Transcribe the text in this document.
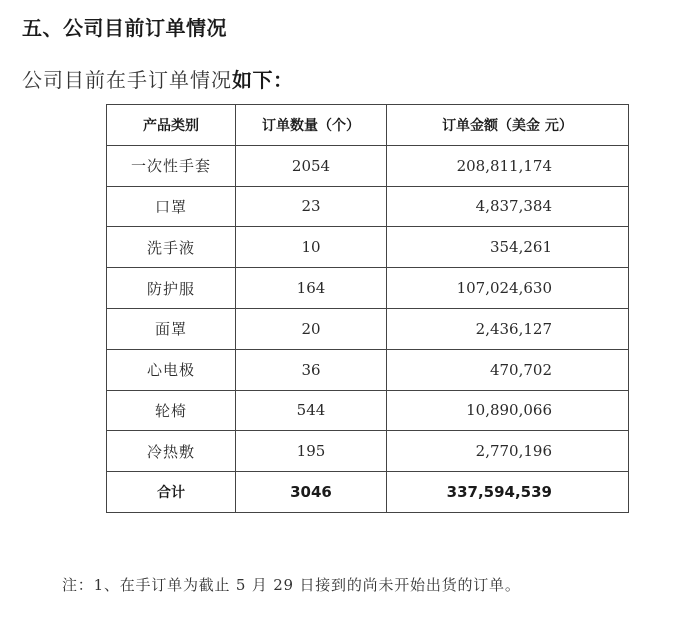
五、公司目前订单情况
公司目前在手订单情况如下：
产品类别	订单数量（个）	订单金额（美金 元）
一次性手套	2054	208,811,174
口罩	23	4,837,384
洗手液	10	354,261
防护服	164	107,024,630
面罩	20	2,436,127
心电极	36	470,702
轮椅	544	10,890,066
冷热敷	195	2,770,196
合计	3046	337,594,539
注：1、在手订单为截止 5 月 29 日接到的尚未开始出货的订单。
